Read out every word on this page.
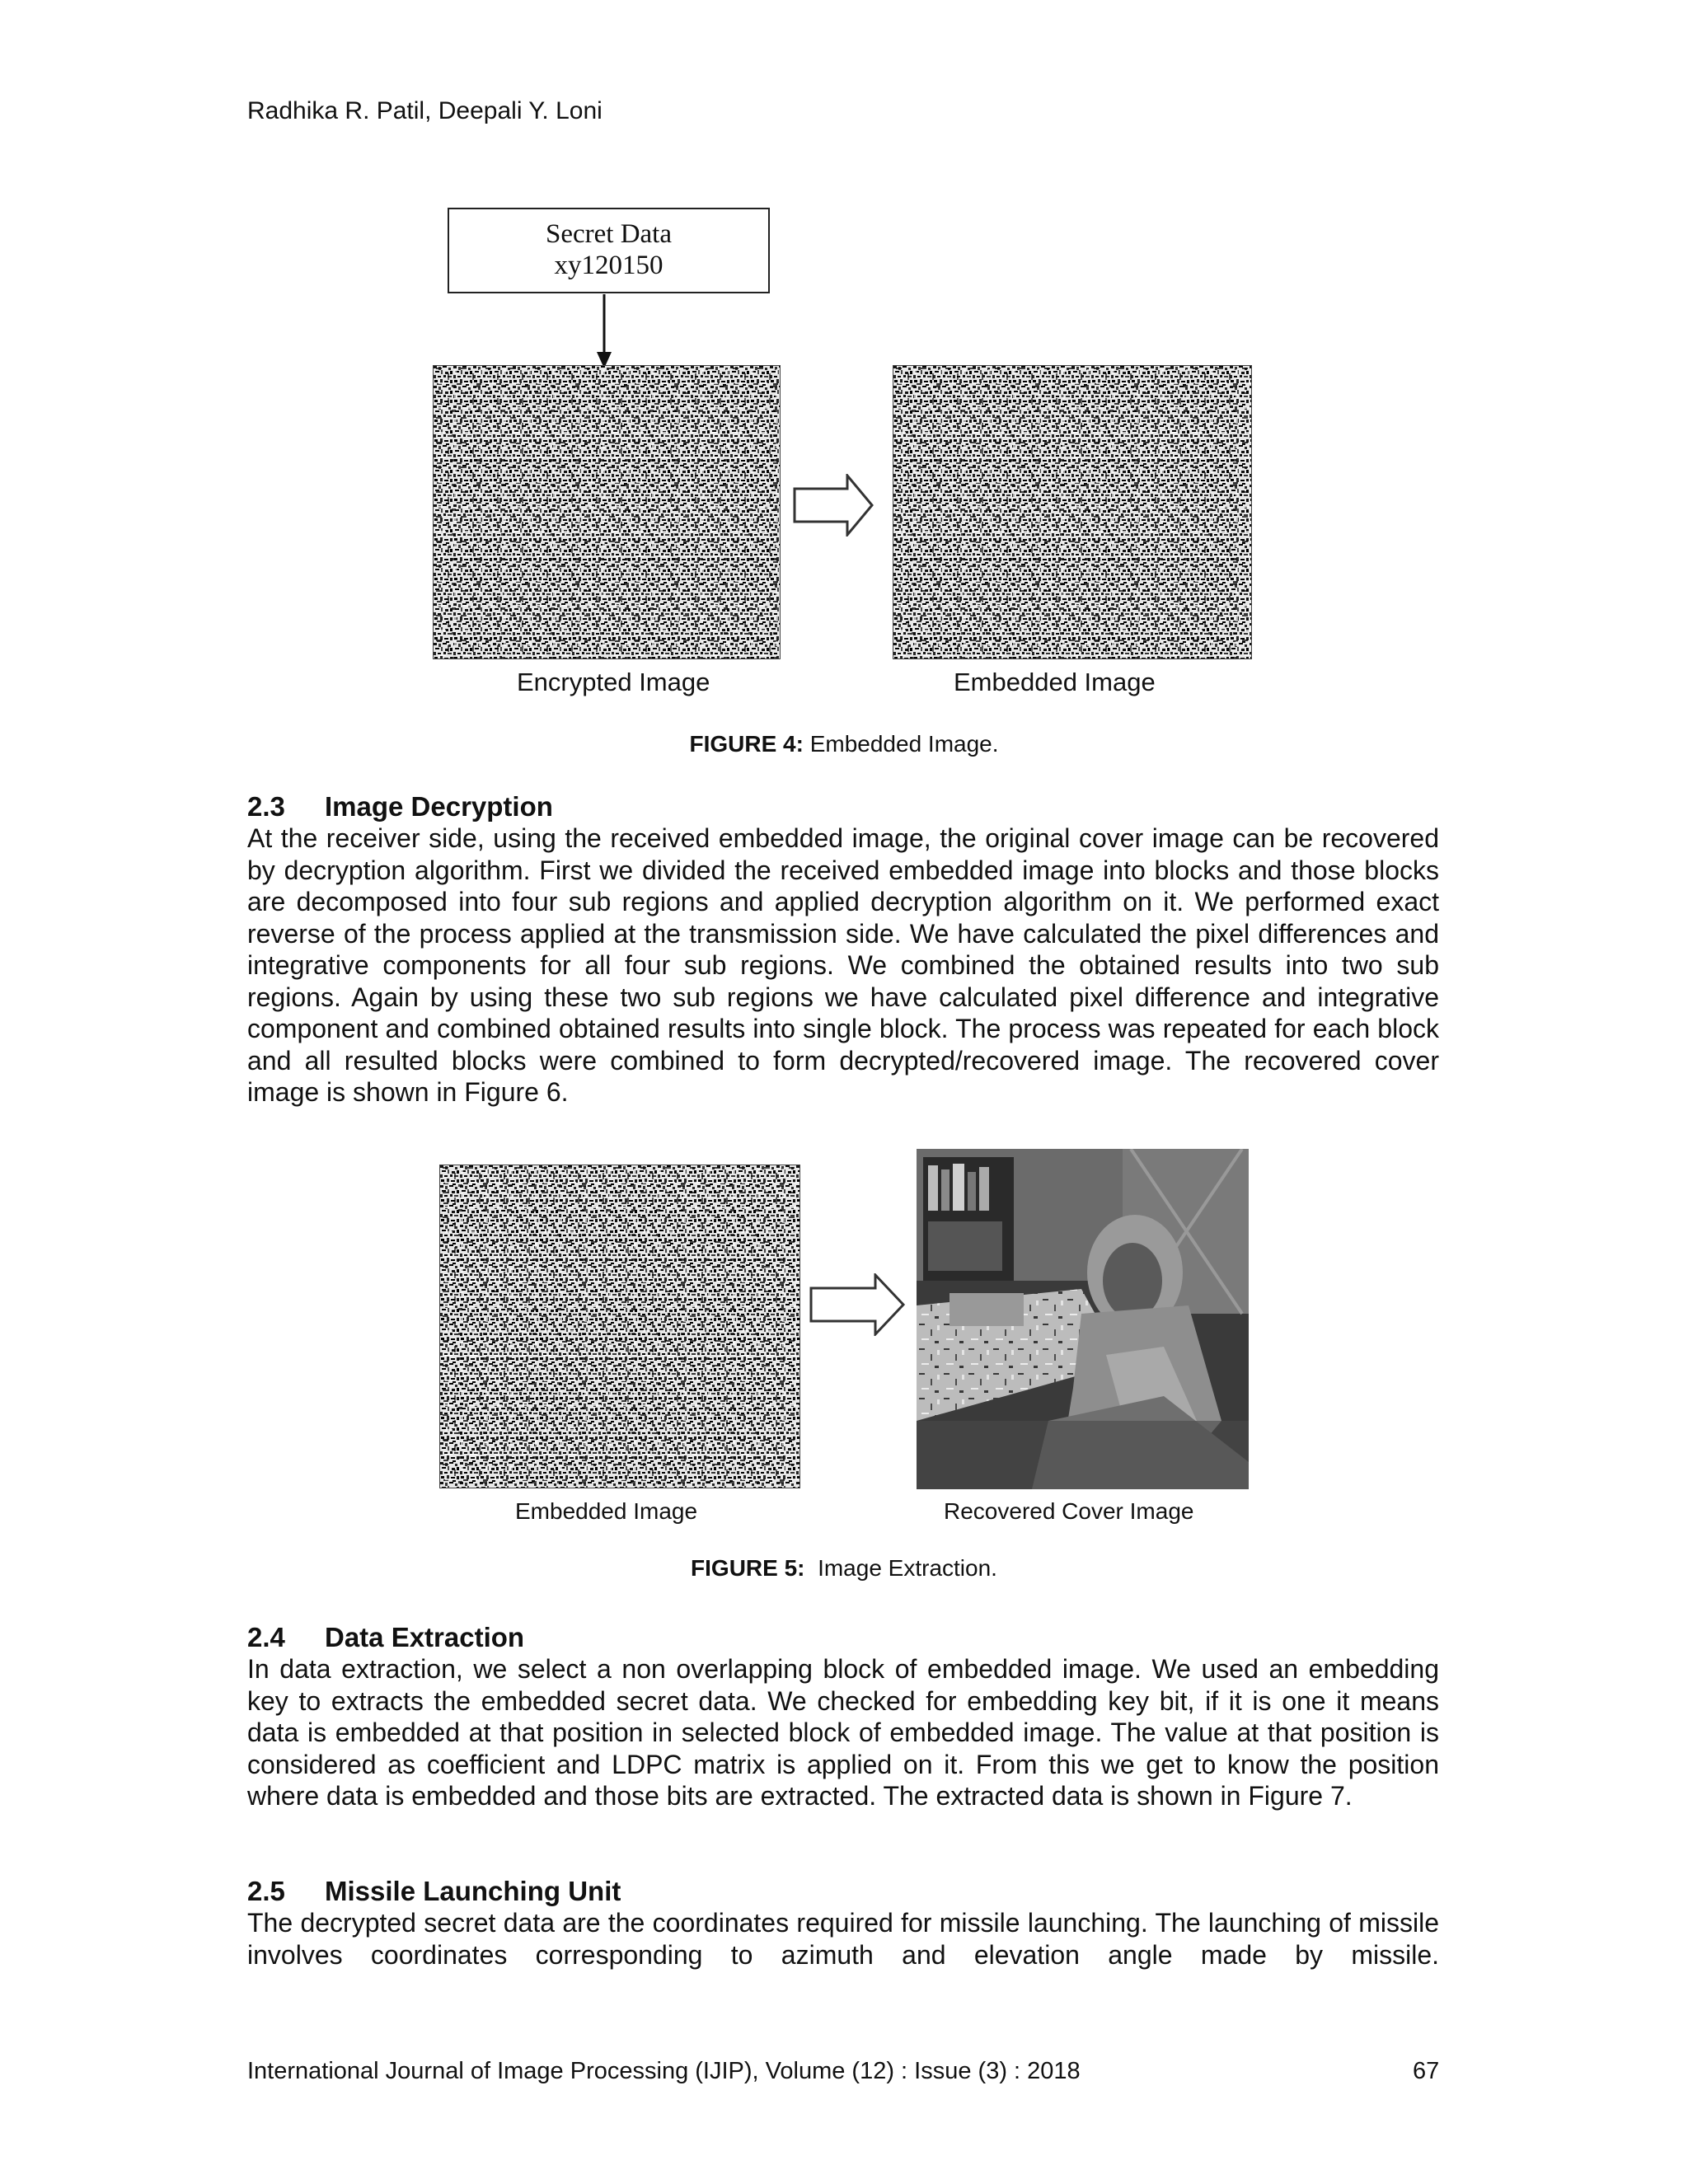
Radhika R. Patil, Deepali Y. Loni
Secret Data
xy120150
Encrypted Image	Embedded Image
FIGURE 4: Embedded Image.
2.3 Image Decryption

At the receiver side, using the received embedded image, the original cover image can be recovered by decryption algorithm. First we divided the received embedded image into blocks and those blocks are decomposed into four sub regions and applied decryption algorithm on it. We performed exact reverse of the process applied at the transmission side. We have calculated the pixel differences and integrative components for all four sub regions. We combined the obtained results into two sub regions. Again by using these two sub regions we have calculated pixel difference and integrative component and combined obtained results into single block. The process was repeated for each block and all resulted blocks were combined to form decrypted/recovered image. The recovered cover image is shown in Figure 6.

Embedded Image	Recovered Cover Image
FIGURE 5:  Image Extraction.
2.4 Data Extraction

In data extraction, we select a non overlapping block of embedded image. We used an embedding key to extracts the embedded secret data. We checked for embedding key bit, if it is one it means data is embedded at that position in selected block of embedded image. The value at that position is considered as coefficient and LDPC matrix is applied on it. From this we get to know the position where data is embedded and those bits are extracted. The extracted data is shown in Figure 7.

2.5 Missile Launching Unit

The decrypted secret data are the coordinates required for missile launching. The launching of missile involves coordinates corresponding to azimuth and elevation angle made by missile.

International Journal of Image Processing (IJIP), Volume (12) : Issue (3) : 2018	67
